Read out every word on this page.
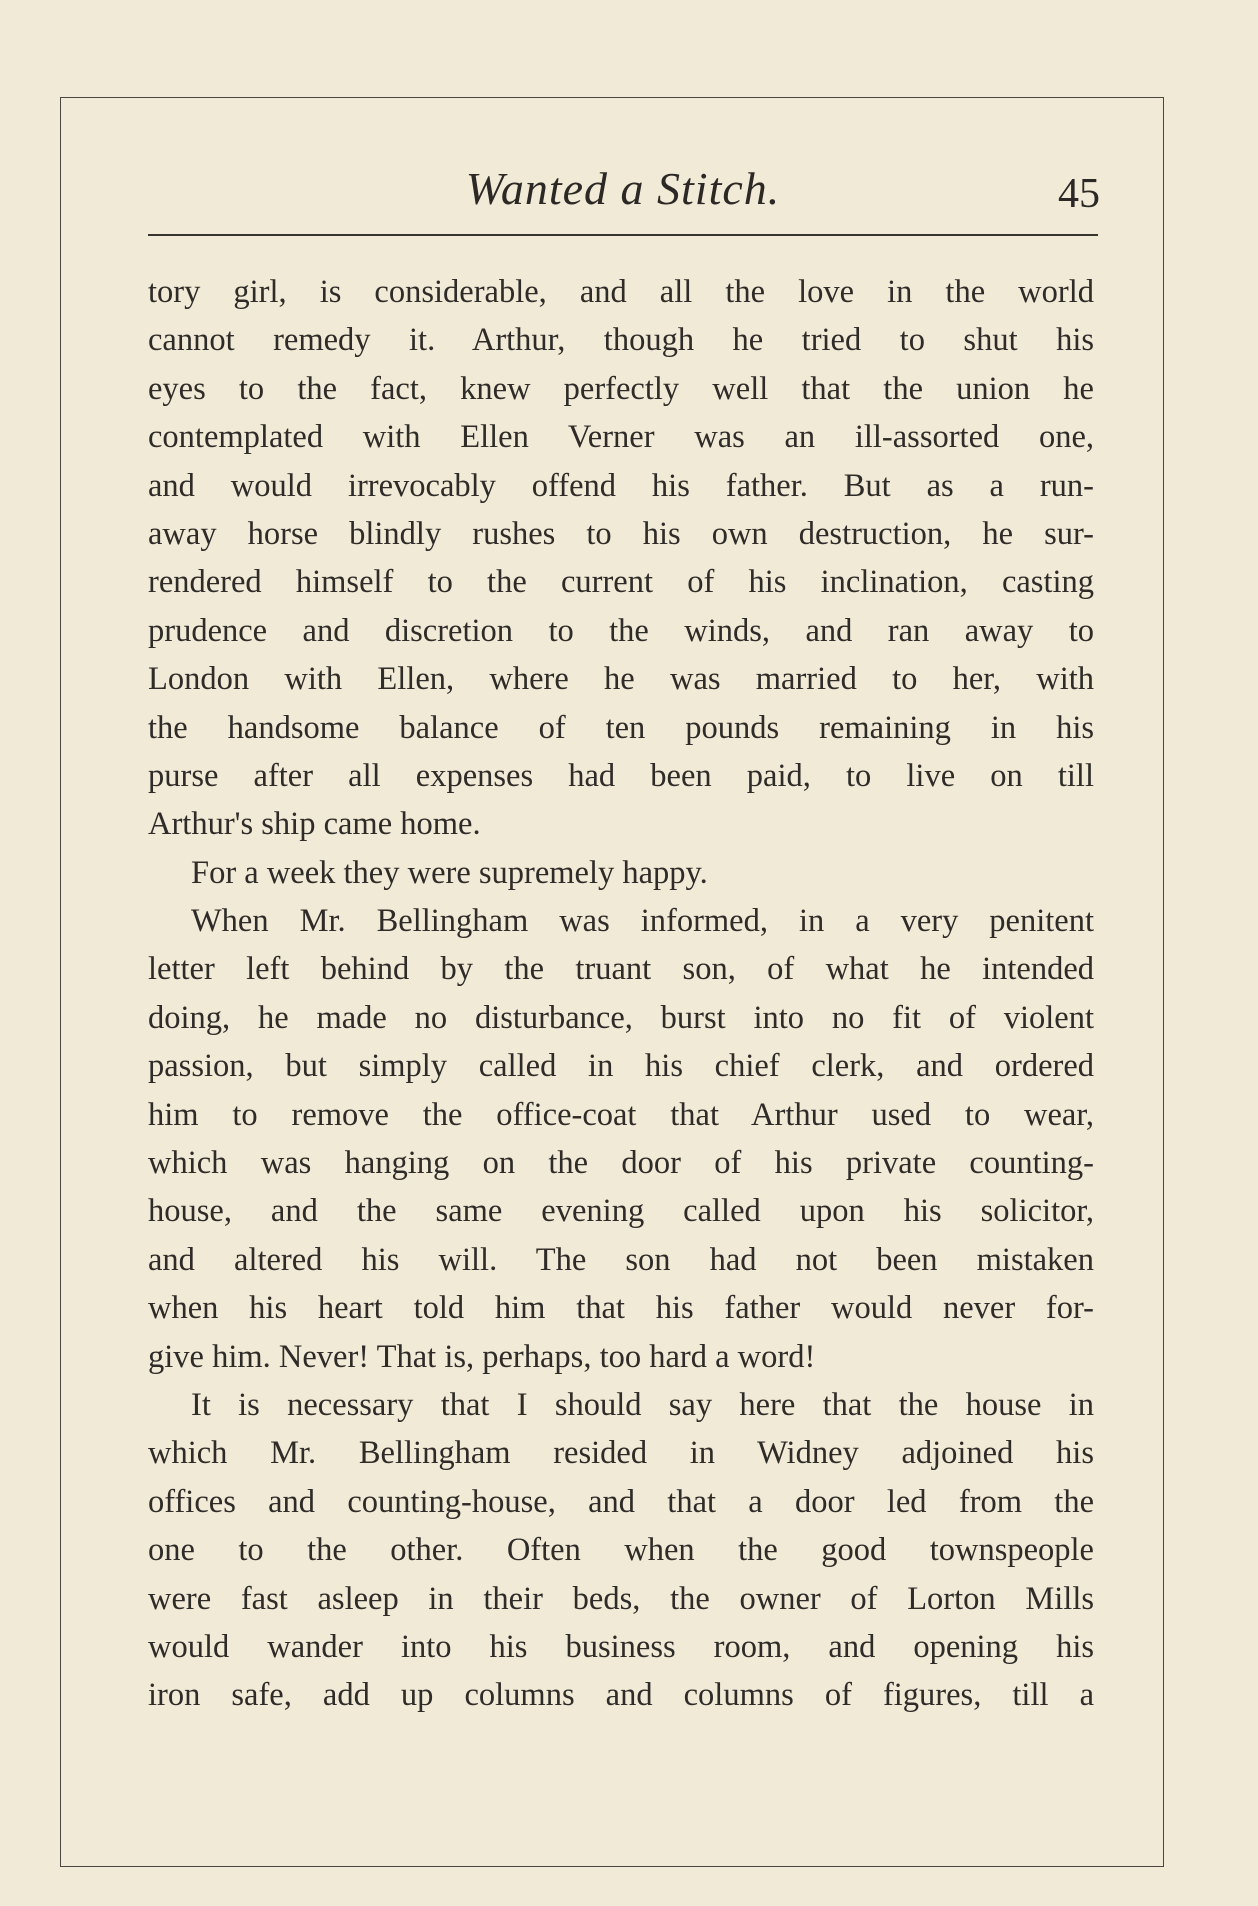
Wanted a Stitch.	45
tory girl, is considerable, and all the love in the world
cannot remedy it. Arthur, though he tried to shut his
eyes to the fact, knew perfectly well that the union he
contemplated with Ellen Verner was an ill-assorted one,
and would irrevocably offend his father. But as a run-
away horse blindly rushes to his own destruction, he sur-
rendered himself to the current of his inclination, casting
prudence and discretion to the winds, and ran away to
London with Ellen, where he was married to her, with
the handsome balance of ten pounds remaining in his
purse after all expenses had been paid, to live on till
Arthur's ship came home.
For a week they were supremely happy.
When Mr. Bellingham was informed, in a very penitent
letter left behind by the truant son, of what he intended
doing, he made no disturbance, burst into no fit of violent
passion, but simply called in his chief clerk, and ordered
him to remove the office-coat that Arthur used to wear,
which was hanging on the door of his private counting-
house, and the same evening called upon his solicitor,
and altered his will. The son had not been mistaken
when his heart told him that his father would never for-
give him. Never! That is, perhaps, too hard a word!
It is necessary that I should say here that the house in
which Mr. Bellingham resided in Widney adjoined his
offices and counting-house, and that a door led from the
one to the other. Often when the good townspeople
were fast asleep in their beds, the owner of Lorton Mills
would wander into his business room, and opening his
iron safe, add up columns and columns of figures, till a
